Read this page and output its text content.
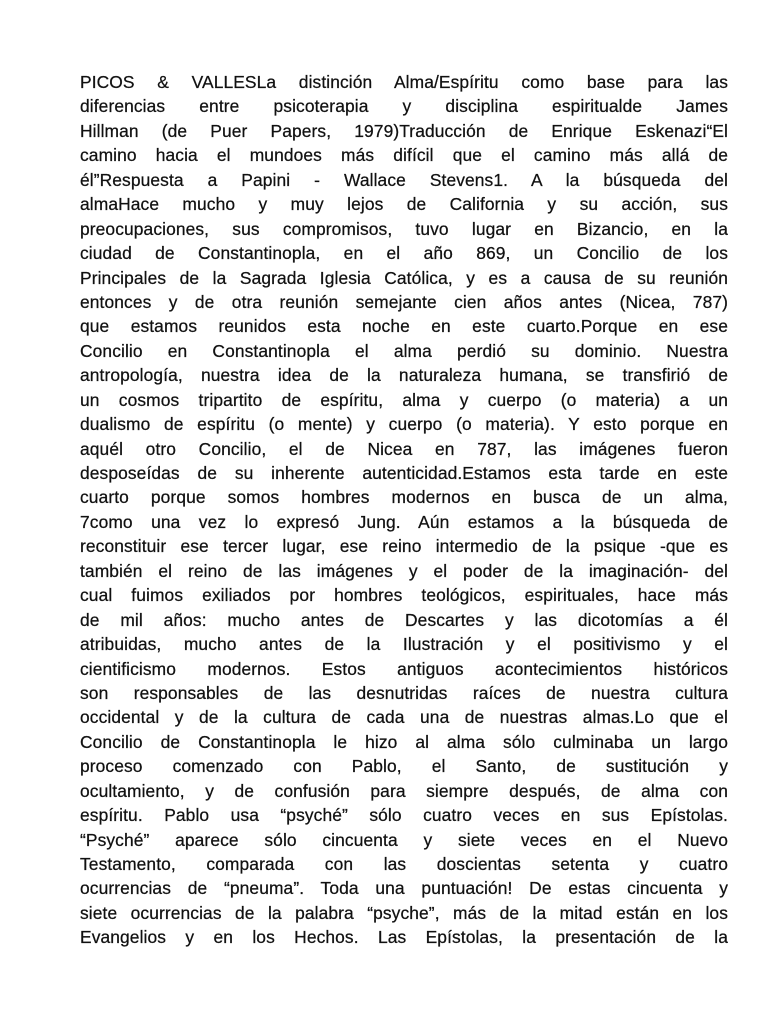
PICOS & VALLESLa distinción Alma/Espíritu como base para las
diferencias entre psicoterapia y disciplina espiritualde James
Hillman (de Puer Papers, 1979)Traducción de Enrique Eskenazi“El
camino hacia el mundoes más difícil que el camino más allá de
él”Respuesta a Papini - Wallace Stevens1. A la búsqueda del
almaHace mucho y muy lejos de California y su acción, sus
preocupaciones, sus compromisos, tuvo lugar en Bizancio, en la
ciudad de Constantinopla, en el año 869, un Concilio de los
Principales de la Sagrada Iglesia Católica, y es a causa de su reunión
entonces y de otra reunión semejante cien años antes (Nicea, 787)
que estamos reunidos esta noche en este cuarto.Porque en ese
Concilio en Constantinopla el alma perdió su dominio. Nuestra
antropología, nuestra idea de la naturaleza humana, se transfirió de
un cosmos tripartito de espíritu, alma y cuerpo (o materia) a un
dualismo de espíritu (o mente) y cuerpo (o materia). Y esto porque en
aquél otro Concilio, el de Nicea en 787, las imágenes fueron
desposeídas de su inherente autenticidad.Estamos esta tarde en este
cuarto porque somos hombres modernos en busca de un alma,
7como una vez lo expresó Jung. Aún estamos a la búsqueda de
reconstituir ese tercer lugar, ese reino intermedio de la psique -que es
también el reino de las imágenes y el poder de la imaginación- del
cual fuimos exiliados por hombres teológicos, espirituales, hace más
de mil años: mucho antes de Descartes y las dicotomías a él
atribuidas, mucho antes de la Ilustración y el positivismo y el
cientificismo modernos. Estos antiguos acontecimientos históricos
son responsables de las desnutridas raíces de nuestra cultura
occidental y de la cultura de cada una de nuestras almas.Lo que el
Concilio de Constantinopla le hizo al alma sólo culminaba un largo
proceso comenzado con Pablo, el Santo, de sustitución y
ocultamiento, y de confusión para siempre después, de alma con
espíritu. Pablo usa “psyché” sólo cuatro veces en sus Epístolas.
“Psyché” aparece sólo cincuenta y siete veces en el Nuevo
Testamento, comparada con las doscientas setenta y cuatro
ocurrencias de “pneuma”. Toda una puntuación! De estas cincuenta y
siete ocurrencias de la palabra “psyche”, más de la mitad están en los
Evangelios y en los Hechos. Las Epístolas, la presentación de la
